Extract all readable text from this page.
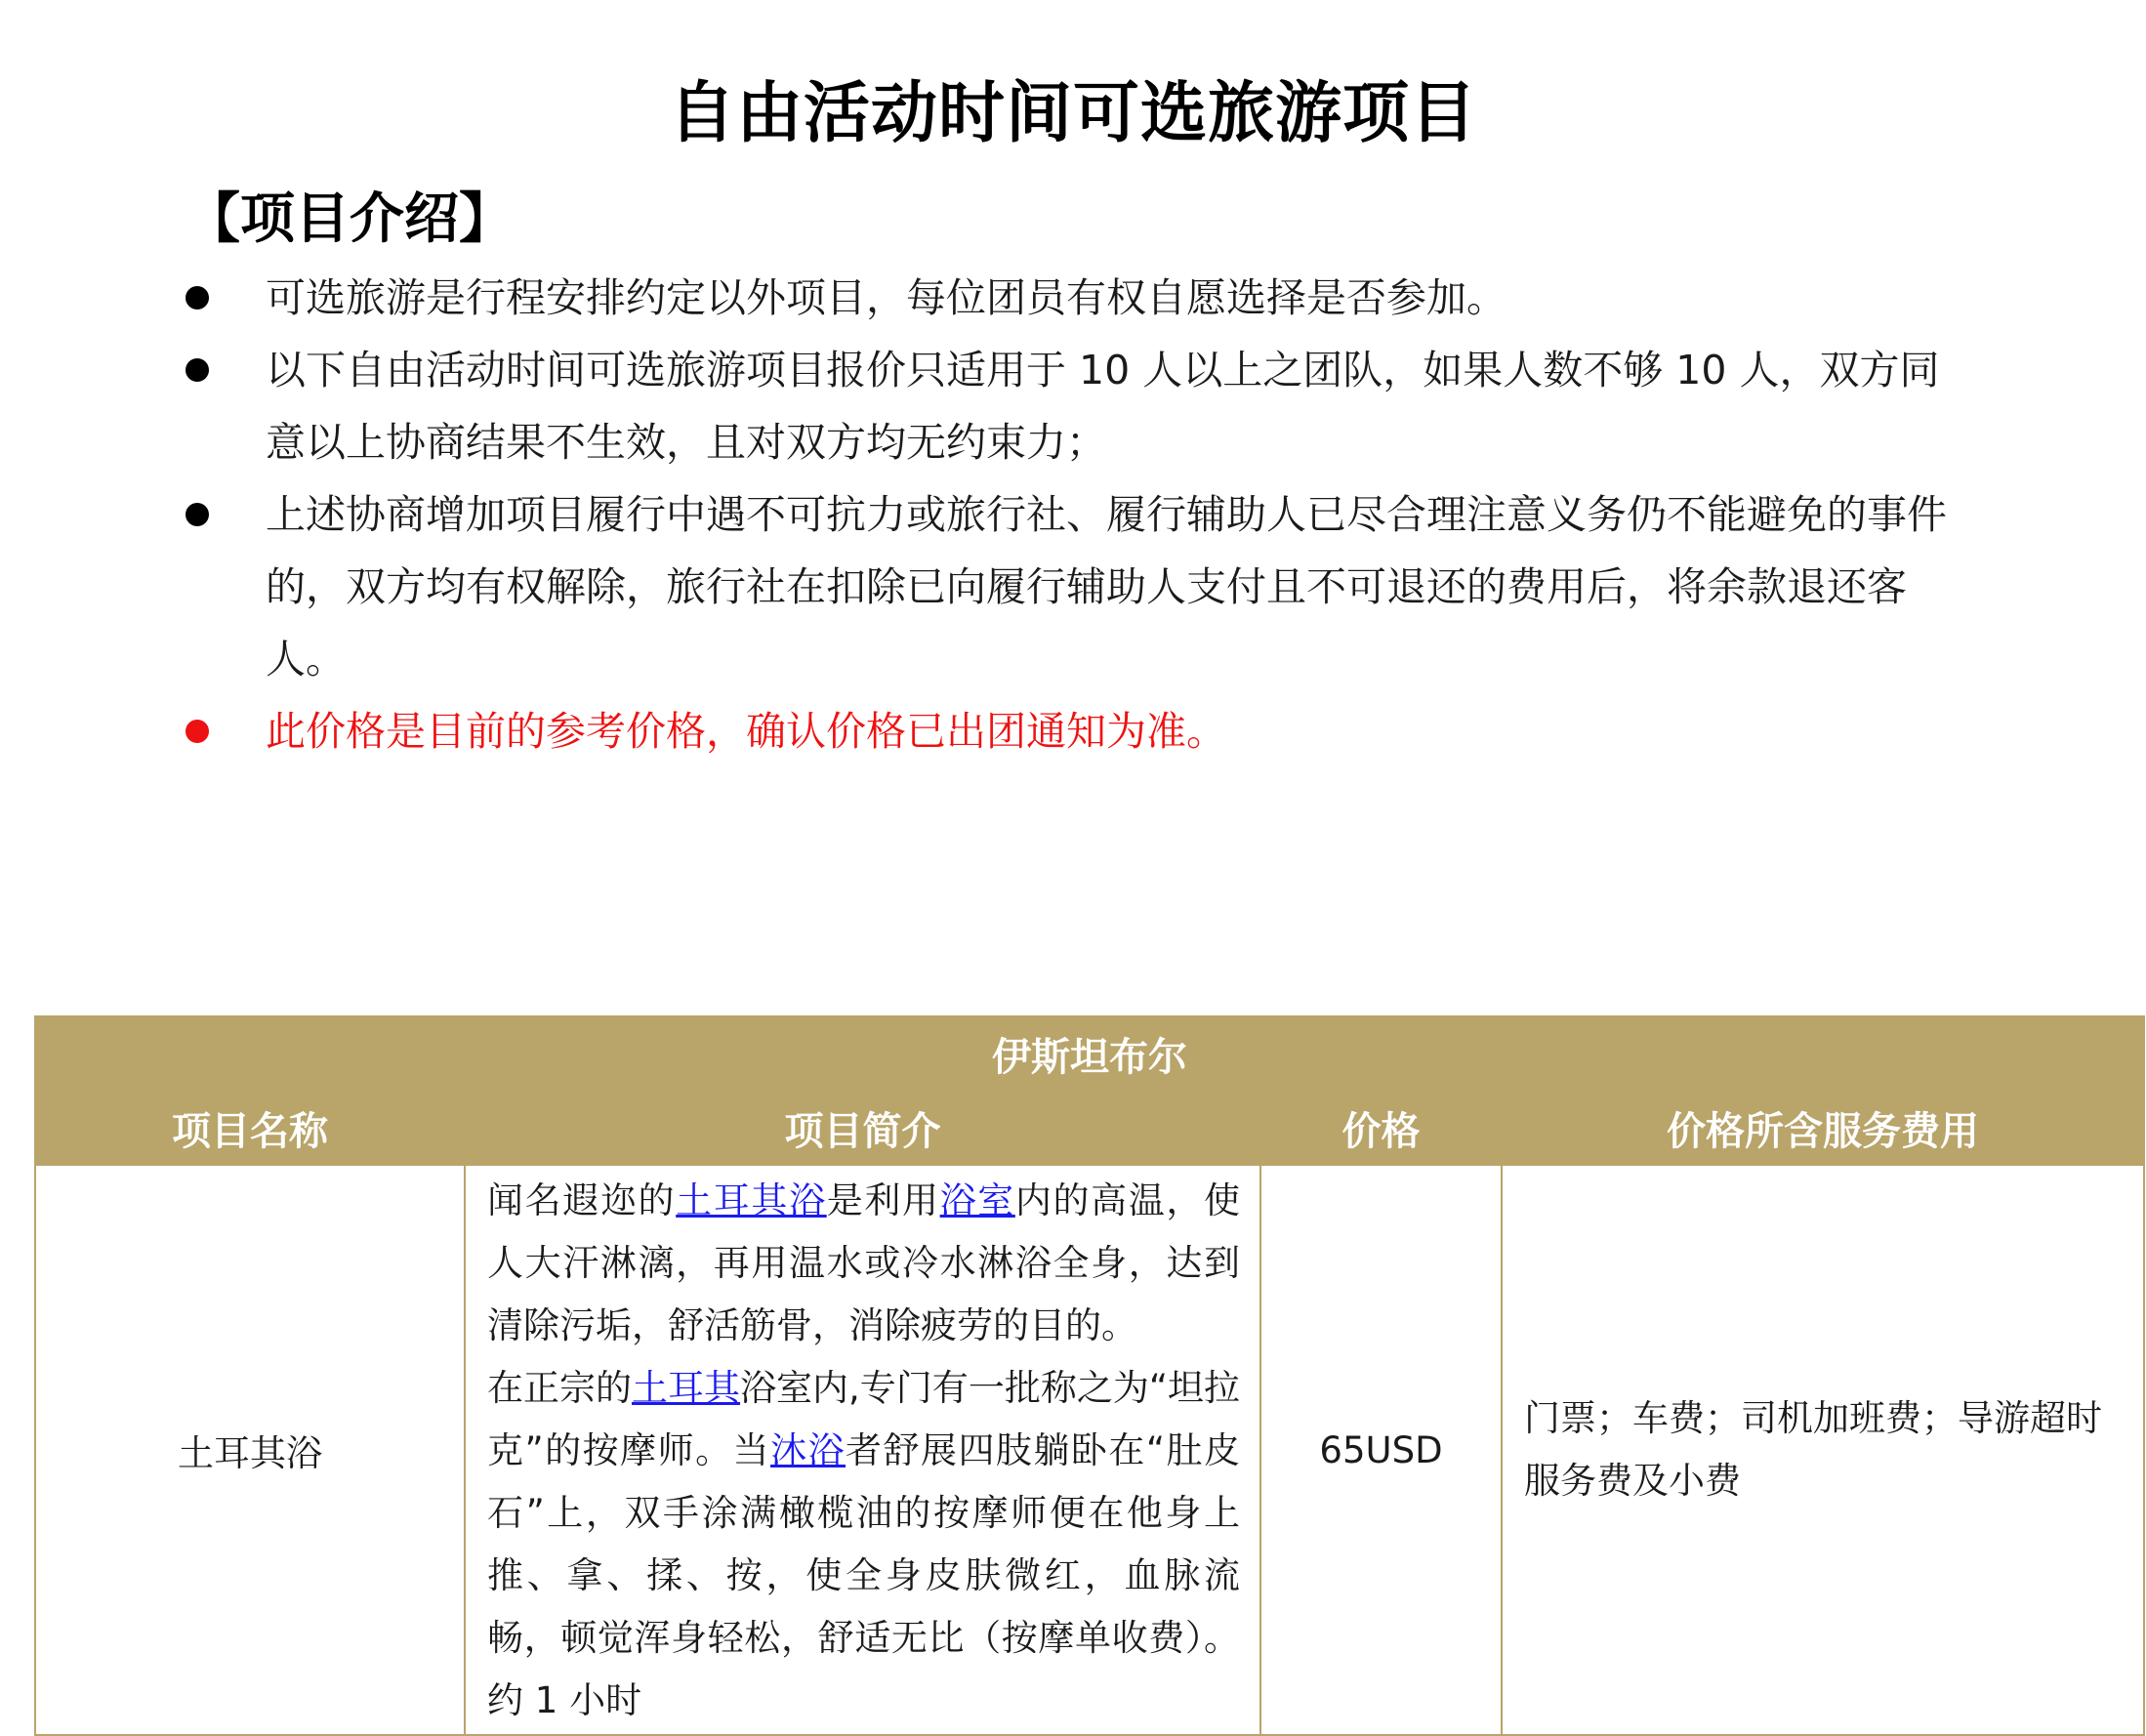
自由活动时间可选旅游项目
【项目介绍】
可选旅游是行程安排约定以外项目，每位团员有权自愿选择是否参加。
以下自由活动时间可选旅游项目报价只适用于 10 人以上之团队，如果人数不够 10 人，双方同意以上协商结果不生效，且对双方均无约束力；
上述协商增加项目履行中遇不可抗力或旅行社、履行辅助人已尽合理注意义务仍不能避免的事件的，双方均有权解除，旅行社在扣除已向履行辅助人支付且不可退还的费用后，将余款退还客人。
此价格是目前的参考价格，确认价格已出团通知为准。
伊斯坦布尔			
项目名称	项目简介	价格	价格所含服务费用
土耳其浴	闻名遐迩的土耳其浴是利用浴室内的高温，使人大汗淋漓，再用温水或冷水淋浴全身，达到清除污垢，舒活筋骨，消除疲劳的目的。
在正宗的土耳其浴室内,专门有一批称之为“坦拉克”的按摩师。当沐浴者舒展四肢躺卧在“肚皮石”上，双手涂满橄榄油的按摩师便在他身上推、拿、揉、按，使全身皮肤微红，血脉流畅，顿觉浑身轻松，舒适无比（按摩单收费）。约 1 小时	65USD	门票；车费；司机加班费；导游超时服务费及小费
